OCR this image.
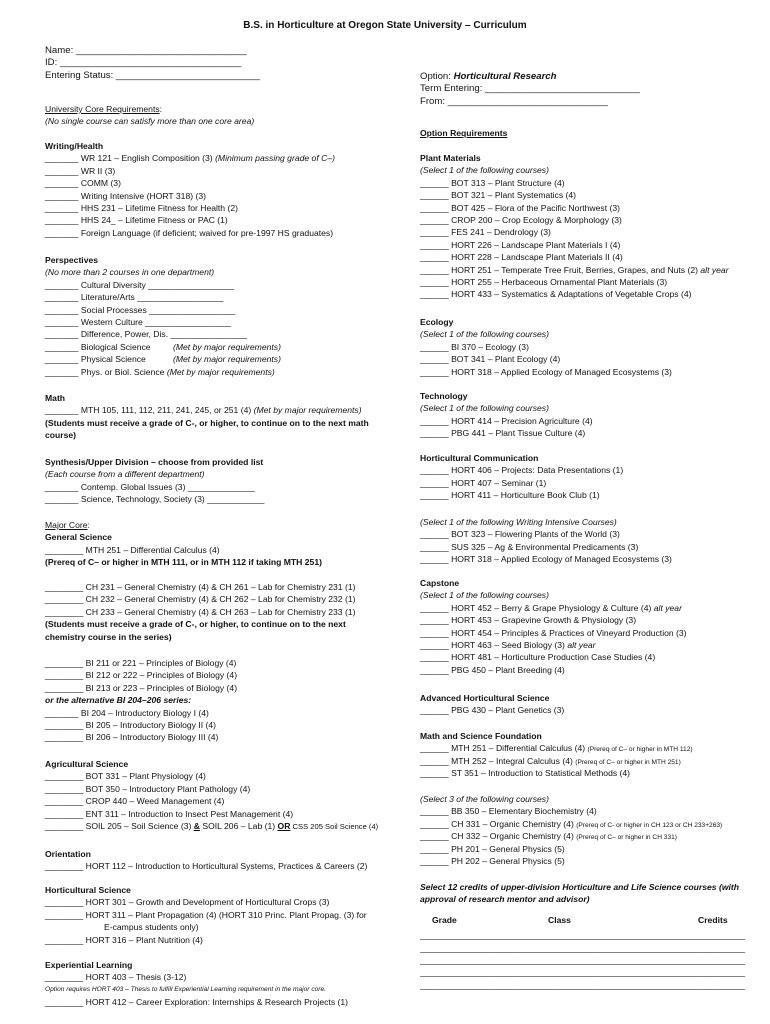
B.S. in Horticulture at Oregon State University – Curriculum
Name: ________________________________
ID: __________________________________
Entering Status: ___________________________
University Core Requirements:
(No single course can satisfy more than one core area)
Writing/Health
_______ WR 121 – English Composition (3) (Minimum passing grade of C–)
_______ WR II (3)
_______ COMM (3)
_______ Writing Intensive (HORT 318) (3)
_______ HHS 231 – Lifetime Fitness for Health (2)
_______ HHS 24_ – Lifetime Fitness or PAC (1)
_______ Foreign Language (if deficient; waived for pre-1997 HS graduates)
Perspectives
(No more than 2 courses in one department)
_______ Cultural Diversity __________________
_______ Literature/Arts __________________
_______ Social Processes __________________
_______ Western Culture __________________
_______ Difference, Power, Dis. ________________
_______ Biological Science	(Met by major requirements)
_______ Physical Science	(Met by major requirements)
_______ Phys. or Biol. Science (Met by major requirements)
Math
_______ MTH 105, 111, 112, 211, 241, 245, or 251 (4) (Met by major requirements)
(Students must receive a grade of C-, or higher, to continue on to the next math course)
Synthesis/Upper Division – choose from provided list
(Each course from a different department)
_______ Contemp. Global Issues (3) ______________
_______ Science, Technology, Society (3) ____________
Major Core:
General Science
________ MTH 251 – Differential Calculus (4)
(Prereq of C– or higher in MTH 111, or in MTH 112 if taking MTH 251)
________ CH 231 – General Chemistry (4) & CH 261 – Lab for Chemistry 231 (1)
________ CH 232 – General Chemistry (4) & CH 262 – Lab for Chemistry 232 (1)
________ CH 233 – General Chemistry (4) & CH 263 – Lab for Chemistry 233 (1)
(Students must receive a grade of C-, or higher, to continue on to the next chemistry course in the series)
________ BI 211 or 221 – Principles of Biology (4)
________ BI 212 or 222 – Principles of Biology (4)
________ BI 213 or 223 – Principles of Biology (4)
or the alternative BI 204–206 series:
_______ BI 204 – Introductory Biology I (4)
________ BI 205 – Introductory Biology II (4)
________ BI 206 – Introductory Biology III (4)
Agricultural Science
________ BOT 331 – Plant Physiology (4)
________ BOT 350 – Introductory Plant Pathology (4)
________ CROP 440 – Weed Management (4)
________ ENT 311 – Introduction to Insect Pest Management (4)
________ SOIL 205 – Soil Science (3) & SOIL 206 – Lab (1) OR CSS 205 Soil Science (4)
Orientation
________ HORT 112 – Introduction to Horticultural Systems, Practices & Careers (2)
Horticultural Science
________ HORT 301 – Growth and Development of Horticultural Crops (3)
________ HORT 311 – Plant Propagation (4) (HORT 310 Princ. Plant Propag. (3) for
E-campus students only)
________ HORT 316 – Plant Nutrition (4)
Experiential Learning
________ HORT 403 – Thesis (3-12)
Option requires HORT 403 – Thesis to fulfill Experiential Learning requirement in the major core.
________ HORT 412 – Career Exploration: Internships & Research Projects (1)
Option: Horticultural Research
Term Entering: _____________________________
From: ______________________________
Option Requirements
Plant Materials
(Select 1 of the following courses)
______ BOT 313 – Plant Structure (4)
______ BOT 321 – Plant Systematics (4)
______ BOT 425 – Flora of the Pacific Northwest (3)
______ CROP 200 – Crop Ecology & Morphology (3)
______ FES 241 – Dendrology (3)
______ HORT 226 – Landscape Plant Materials I (4)
______ HORT 228 – Landscape Plant Materials II (4)
______ HORT 251 – Temperate Tree Fruit, Berries, Grapes, and Nuts (2) alt year
______ HORT 255 – Herbaceous Ornamental Plant Materials (3)
______ HORT 433 – Systematics & Adaptations of Vegetable Crops (4)
Ecology
(Select 1 of the following courses)
______ BI 370 – Ecology (3)
______ BOT 341 – Plant Ecology (4)
______ HORT 318 – Applied Ecology of Managed Ecosystems (3)
Technology
(Select 1 of the following courses)
______ HORT 414 – Precision Agriculture (4)
______ PBG 441 – Plant Tissue Culture (4)
Horticultural Communication
______ HORT 406 – Projects: Data Presentations (1)
______ HORT 407 – Seminar (1)
______ HORT 411 – Horticulture Book Club (1)
(Select 1 of the following Writing Intensive Courses)
______ BOT 323 – Flowering Plants of the World (3)
______ SUS 325 – Ag & Environmental Predicaments (3)
______ HORT 318 – Applied Ecology of Managed Ecosystems (3)
Capstone
(Select 1 of the following courses)
______ HORT 452 – Berry & Grape Physiology & Culture (4) alt year
______ HORT 453 – Grapevine Growth & Physiology (3)
______ HORT 454 – Principles & Practices of Vineyard Production (3)
______ HORT 463 – Seed Biology (3) alt year
______ HORT 481 – Horticulture Production Case Studies (4)
______ PBG 450 – Plant Breeding (4)
Advanced Horticultural Science
______ PBG 430 – Plant Genetics (3)
Math and Science Foundation
______ MTH 251 – Differential Calculus (4) (Prereq of C– or higher in MTH 112)
______ MTH 252 – Integral Calculus (4) (Prereq of C– or higher in MTH 251)
______ ST 351 – Introduction to Statistical Methods (4)
(Select 3 of the following courses)
______ BB 350 – Elementary Biochemistry (4)
______ CH 331 – Organic Chemistry (4) (Prereq of C- or higher in CH 123 or CH 233+263)
______ CH 332 – Organic Chemistry (4) (Prereq of C– or higher in CH 331)
______ PH 201 – General Physics (5)
______ PH 202 – General Physics (5)
Select 12 credits of upper-division Horticulture and Life Science courses (with approval of research mentor and advisor)
Grade	Class	Credits
____________________________________________________________________
____________________________________________________________________
____________________________________________________________________
____________________________________________________________________
____________________________________________________________________
